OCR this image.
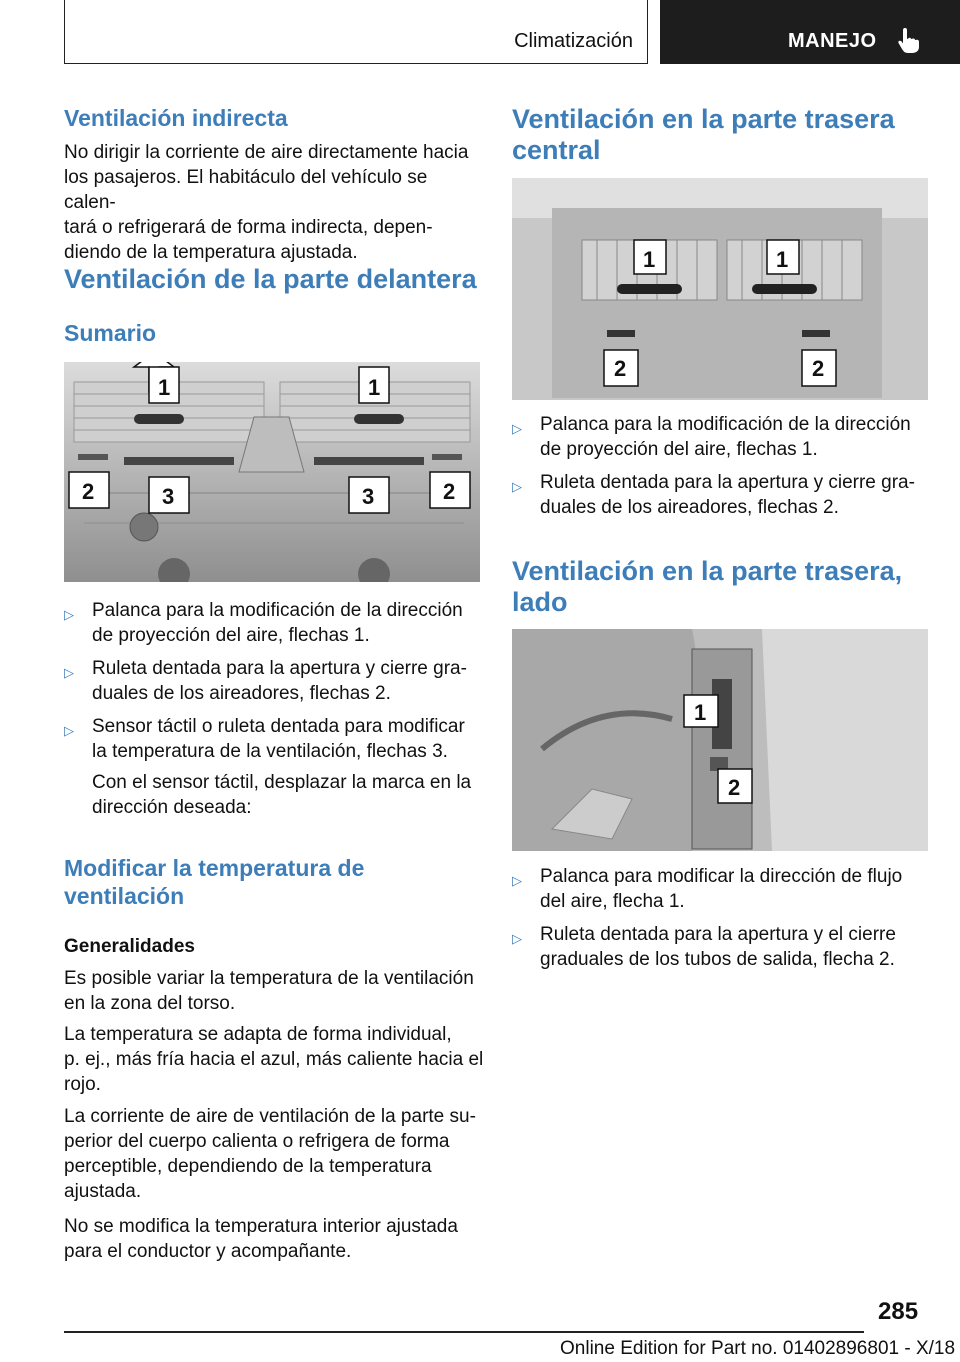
Climatización	MANEJO
Ventilación indirecta
No dirigir la corriente de aire directamente hacia
los pasajeros. El habitáculo del vehículo se calen‐
tará o refrigerará de forma indirecta, depen‐
diendo de la temperatura ajustada.
Ventilación de la parte delantera
Sumario
1	1
2	3	3	2
▷ Palanca para la modificación de la dirección
de proyección del aire, flechas 1.
▷ Ruleta dentada para la apertura y cierre gra‐
duales de los aireadores, flechas 2.
▷ Sensor táctil o ruleta dentada para modificar
la temperatura de la ventilación, flechas 3.
Con el sensor táctil, desplazar la marca en la
dirección deseada:
Modificar la temperatura de
ventilación
Generalidades
Es posible variar la temperatura de la ventilación
en la zona del torso.
La temperatura se adapta de forma individual,
p. ej., más fría hacia el azul, más caliente hacia el
rojo.
La corriente de aire de ventilación de la parte su‐
perior del cuerpo calienta o refrigera de forma
perceptible, dependiendo de la temperatura
ajustada.
No se modifica la temperatura interior ajustada
para el conductor y acompañante.
Ventilación en la parte trasera
central
1	1
2	2
▷ Palanca para la modificación de la dirección
de proyección del aire, flechas 1.
▷ Ruleta dentada para la apertura y cierre gra‐
duales de los aireadores, flechas 2.
Ventilación en la parte trasera,
lado
1
2
▷ Palanca para modificar la dirección de flujo
del aire, flecha 1.
▷ Ruleta dentada para la apertura y el cierre
graduales de los tubos de salida, flecha 2.
285
Online Edition for Part no. 01402896801 - X/18
